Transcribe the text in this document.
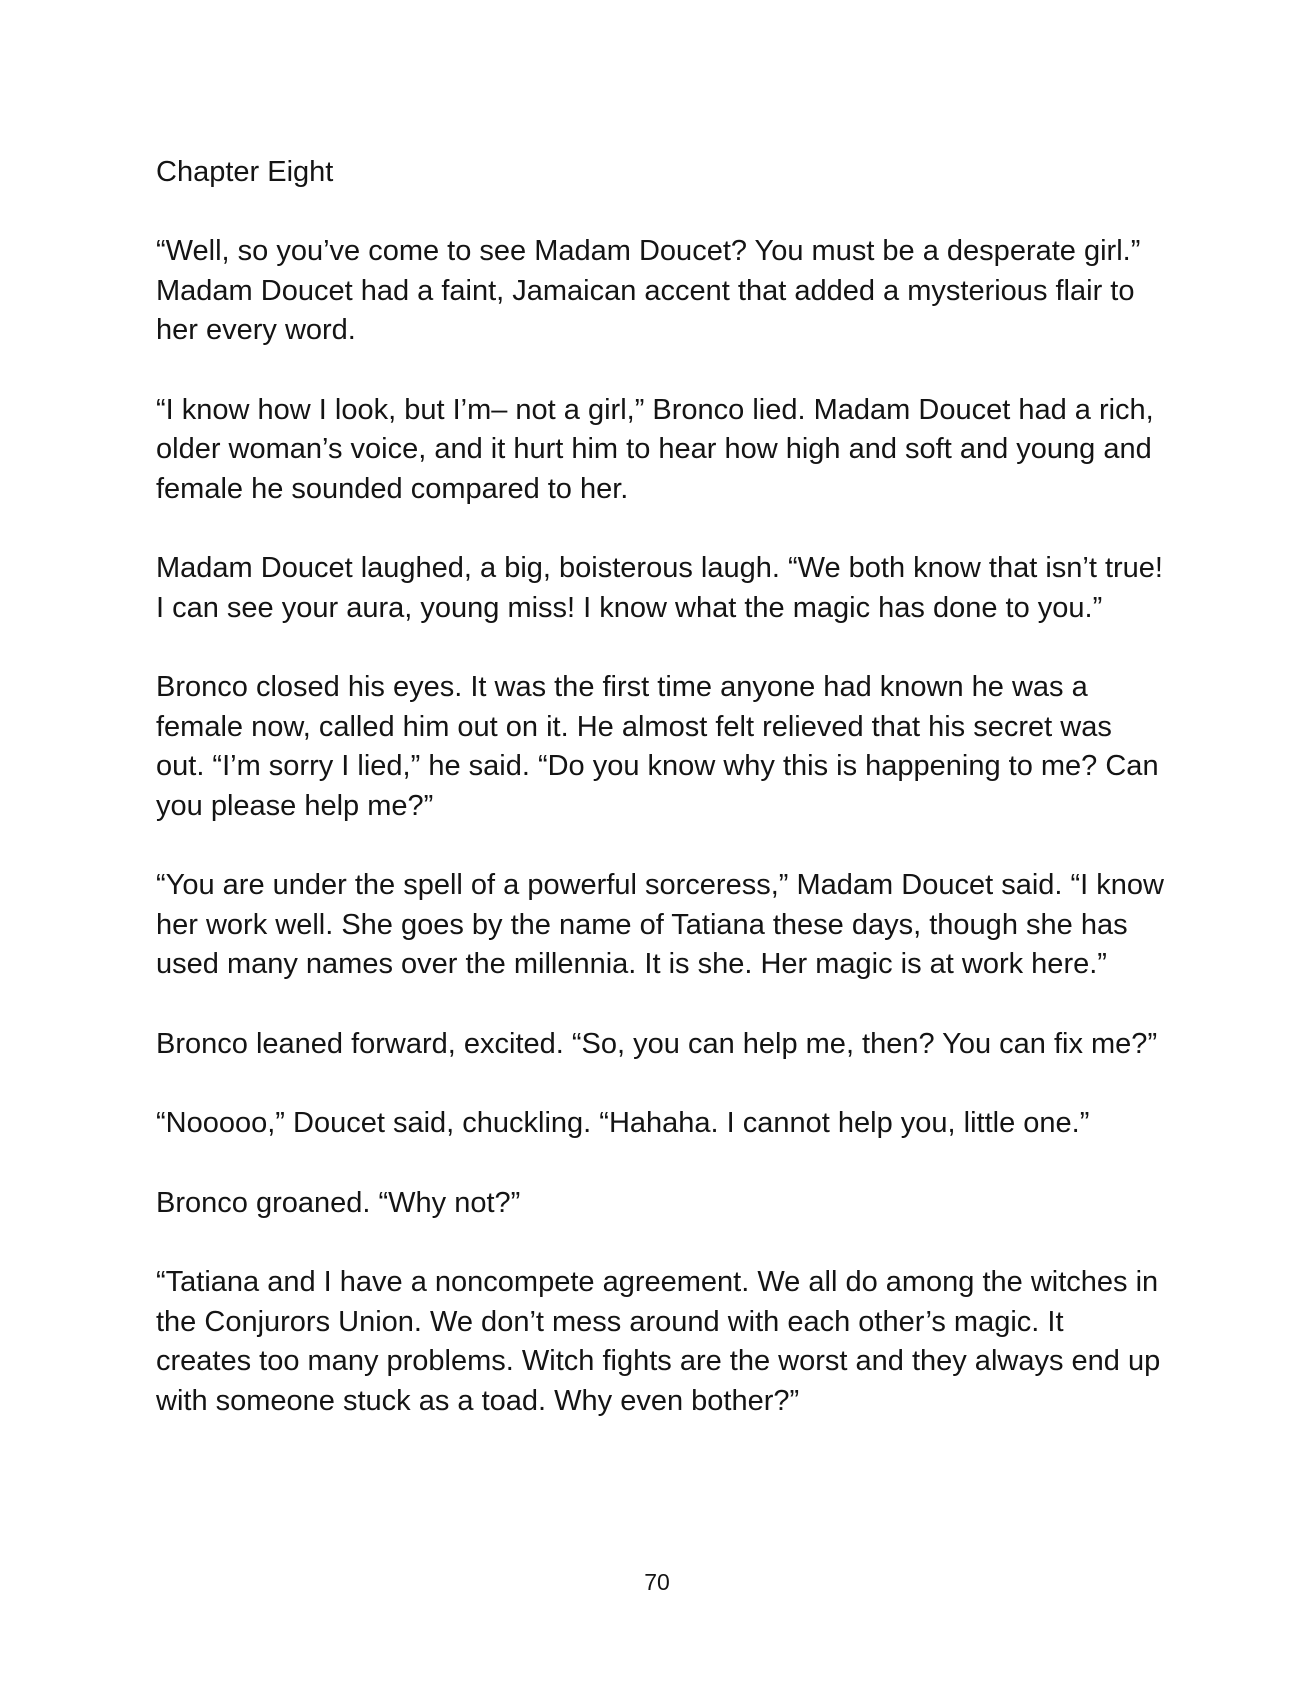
Chapter Eight

“Well, so you’ve come to see Madam Doucet? You must be a desperate girl.” Madam Doucet had a faint, Jamaican accent that added a mysterious flair to her every word.

“I know how I look, but I’m– not a girl,” Bronco lied. Madam Doucet had a rich, older woman’s voice, and it hurt him to hear how high and soft and young and female he sounded compared to her.

Madam Doucet laughed, a big, boisterous laugh. “We both know that isn’t true! I can see your aura, young miss! I know what the magic has done to you.”

Bronco closed his eyes. It was the first time anyone had known he was a female now, called him out on it. He almost felt relieved that his secret was out. “I’m sorry I lied,” he said. “Do you know why this is happening to me? Can you please help me?”

“You are under the spell of a powerful sorceress,” Madam Doucet said. “I know her work well. She goes by the name of Tatiana these days, though she has used many names over the millennia. It is she. Her magic is at work here.”

Bronco leaned forward, excited. “So, you can help me, then? You can fix me?”

“Nooooo,” Doucet said, chuckling. “Hahaha. I cannot help you, little one.”

Bronco groaned. “Why not?”

“Tatiana and I have a noncompete agreement. We all do among the witches in the Conjurors Union. We don’t mess around with each other’s magic. It creates too many problems. Witch fights are the worst and they always end up with someone stuck as a toad. Why even bother?”

70
